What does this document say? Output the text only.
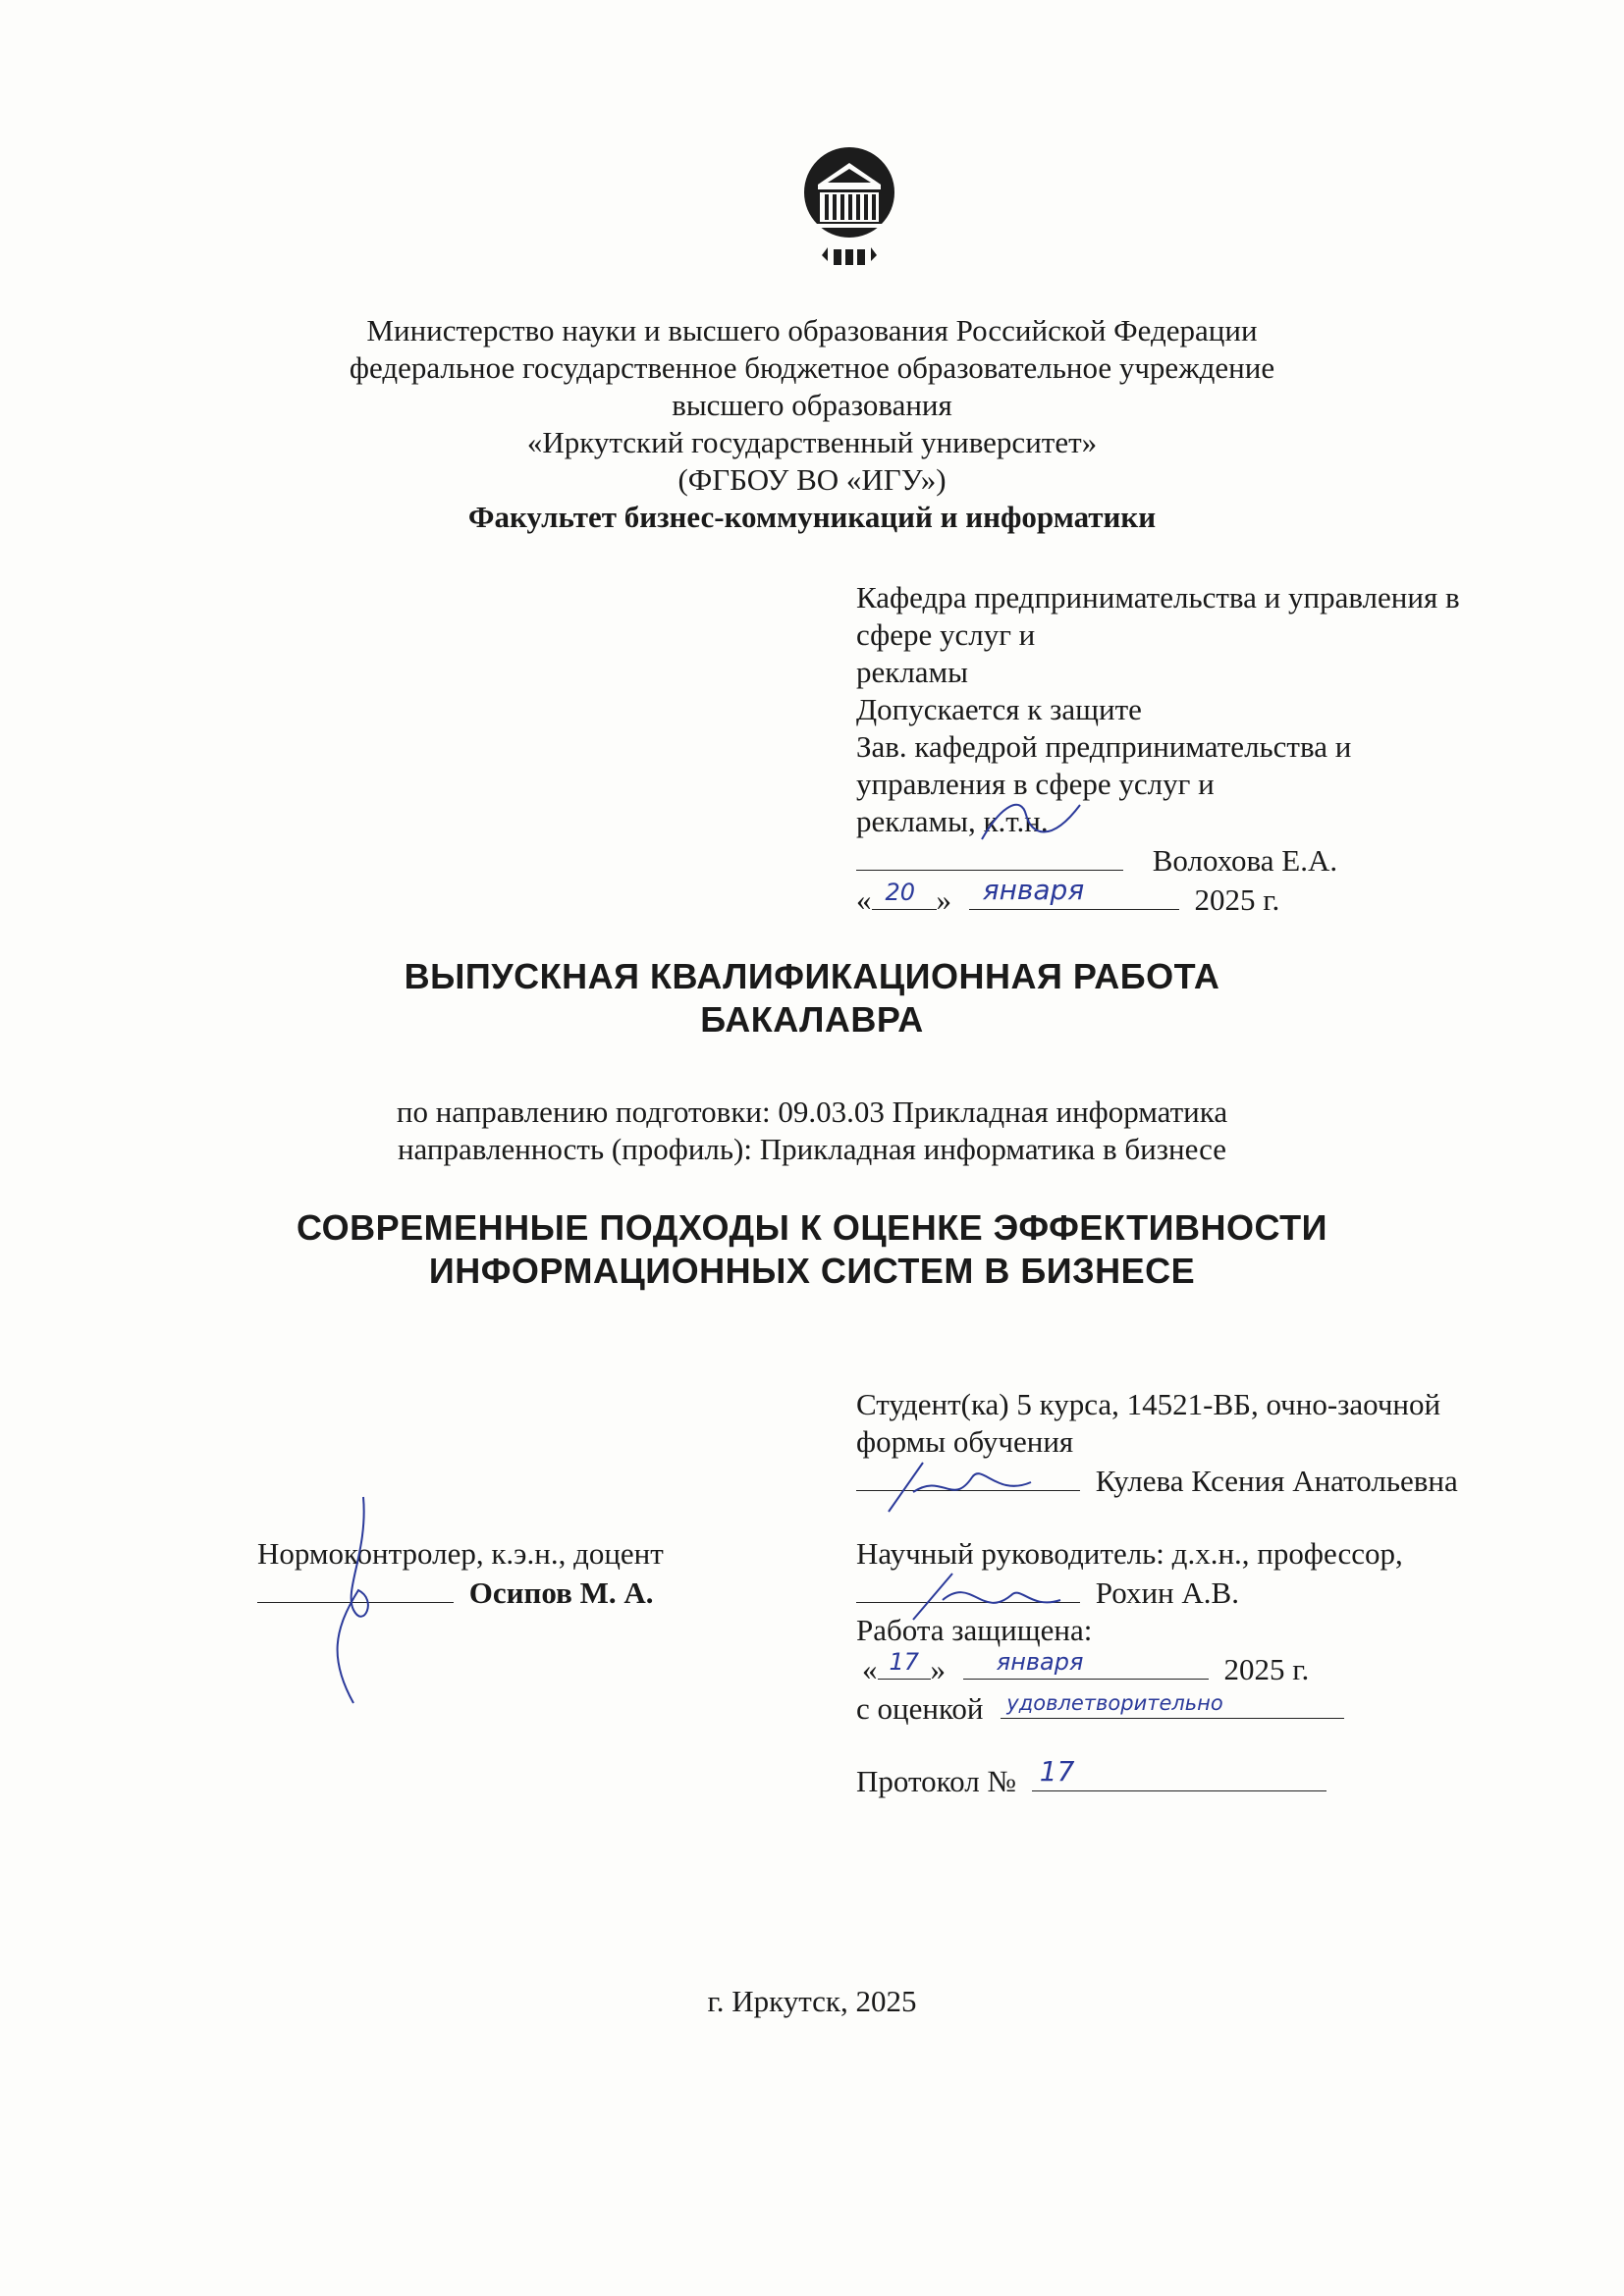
Министерство науки и высшего образования Российской Федерации
федеральное государственное бюджетное образовательное учреждение
высшего образования
«Иркутский государственный университет»
(ФГБОУ ВО «ИГУ»)
Факультет бизнес-коммуникаций и информатики
Кафедра предпринимательства и управления в
сфере услуг и
рекламы
Допускается к защите
Зав. кафедрой предпринимательства и
управления в сфере услуг и
рекламы, к.т.н.
Волохова Е.А.
« 20 » января	2025 г.
ВЫПУСКНАЯ КВАЛИФИКАЦИОННАЯ РАБОТА
БАКАЛАВРА
по направлению подготовки: 09.03.03 Прикладная информатика
направленность (профиль): Прикладная информатика в бизнесе
СОВРЕМЕННЫЕ ПОДХОДЫ К ОЦЕНКЕ ЭФФЕКТИВНОСТИ
ИНФОРМАЦИОННЫХ СИСТЕМ В БИЗНЕСЕ
Студент(ка) 5 курса, 14521-ВБ, очно-заочной
формы обучения
Кулева Ксения Анатольевна
Нормоконтролер, к.э.н., доцент
Осипов М. А.
Научный руководитель: д.х.н., профессор,
Рохин А.В.
Работа защищена:
« 17 » января	2025 г.
с оценкой удовлетворительно
Протокол № 17
г. Иркутск, 2025
